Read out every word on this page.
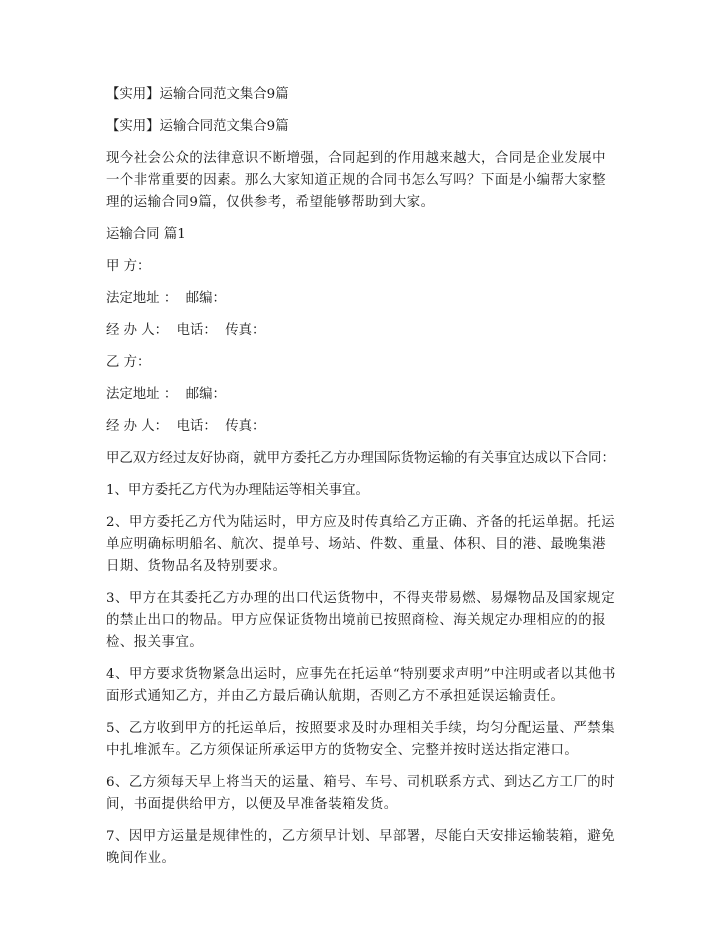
【实用】运输合同范文集合9篇

【实用】运输合同范文集合9篇

现今社会公众的法律意识不断增强，合同起到的作用越来越大，合同是企业发展中一个非常重要的因素。那么大家知道正规的合同书怎么写吗？下面是小编帮大家整理的运输合同9篇，仅供参考，希望能够帮助到大家。

运输合同 篇1

甲 方：

法定地址 ：  邮编：

经 办 人：  电话：  传真：

乙 方：

法定地址 ：  邮编：

经 办 人：  电话：  传真：

甲乙双方经过友好协商，就甲方委托乙方办理国际货物运输的有关事宜达成以下合同：

1、甲方委托乙方代为办理陆运等相关事宜。

2、甲方委托乙方代为陆运时，甲方应及时传真给乙方正确、齐备的托运单据。托运单应明确标明船名、航次、提单号、场站、件数、重量、体积、目的港、最晚集港日期、货物品名及特别要求。

3、甲方在其委托乙方办理的出口代运货物中，不得夹带易燃、易爆物品及国家规定的禁止出口的物品。甲方应保证货物出境前已按照商检、海关规定办理相应的的报检、报关事宜。

4、甲方要求货物紧急出运时，应事先在托运单“特别要求声明”中注明或者以其他书面形式通知乙方，并由乙方最后确认航期，否则乙方不承担延误运输责任。

5、乙方收到甲方的托运单后，按照要求及时办理相关手续，均匀分配运量、严禁集中扎堆派车。乙方须保证所承运甲方的货物安全、完整并按时送达指定港口。

6、乙方须每天早上将当天的运量、箱号、车号、司机联系方式、到达乙方工厂的时间，书面提供给甲方，以便及早准备装箱发货。

7、因甲方运量是规律性的，乙方须早计划、早部署，尽能白天安排运输装箱，避免晚间作业。
